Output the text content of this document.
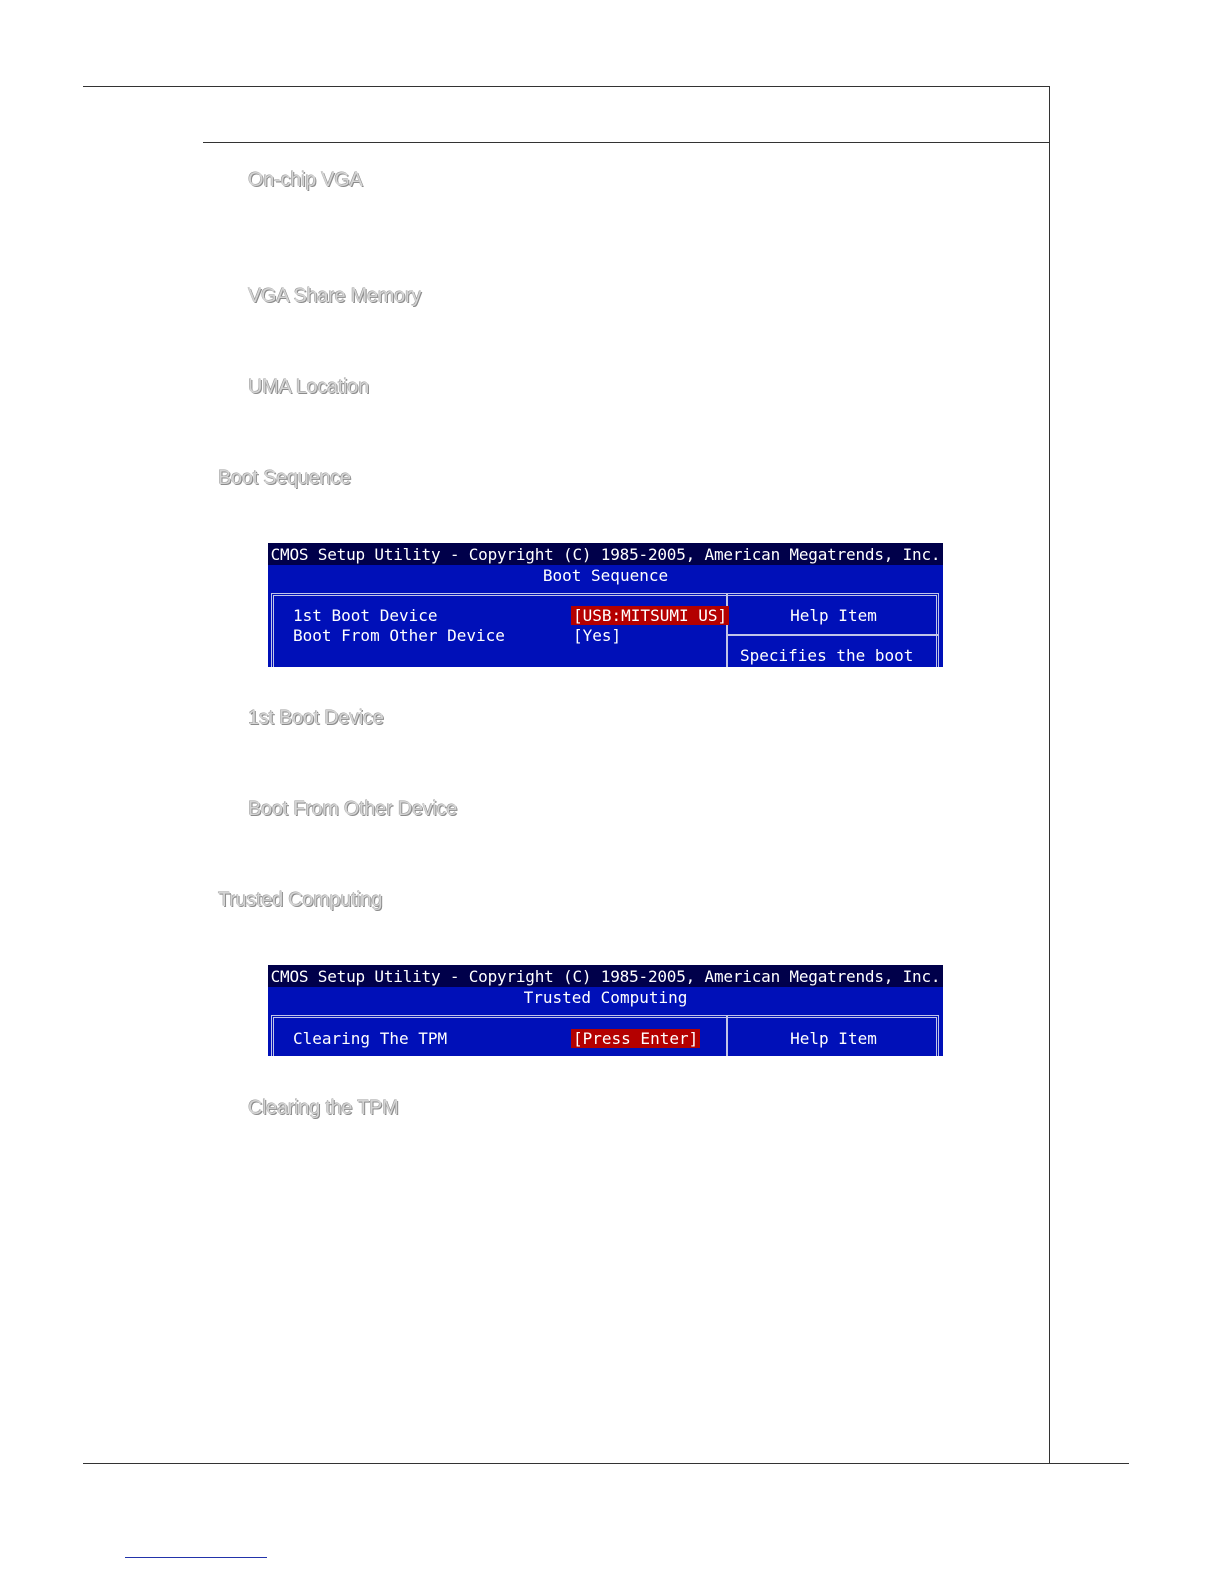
On-chip VGA
VGA Share Memory
UMA Location
Boot Sequence
CMOS Setup Utility - Copyright (C) 1985-2005, American Megatrends, Inc.
Boot Sequence
1st Boot Device	[USB:MITSUMI US]
Boot From Other Device	[Yes]
Help Item
Specifies the boot
1st Boot Device
Boot From Other Device
Trusted Computing
CMOS Setup Utility - Copyright (C) 1985-2005, American Megatrends, Inc.
Trusted Computing
Clearing The TPM	[Press Enter]	Help Item
Clearing the TPM
